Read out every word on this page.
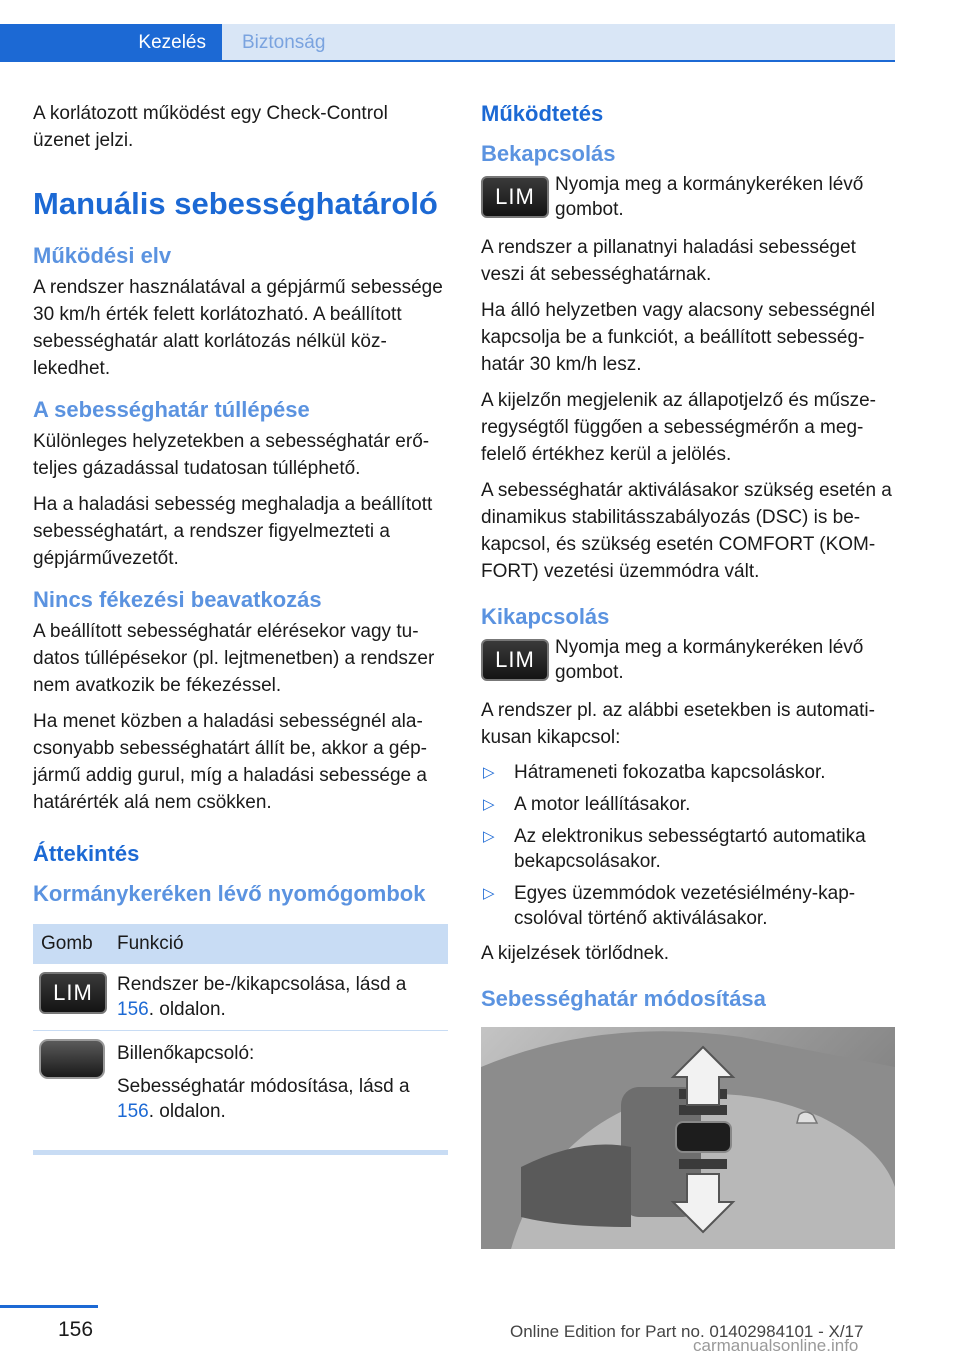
Kezelés	Biztonság

A korlátozott működést egy Check-Control üzenet jelzi.

Manuális sebességhatároló
Működési elv

A rendszer használatával a gépjármű sebessége 30 km/h érték felett korlátozható. A beállított sebességhatár alatt korlátozás nélkül közlekedhet.

A sebességhatár túllépése

Különleges helyzetekben a sebességhatár erőteljes gázadással tudatosan túlléphető.

Ha a haladási sebesség meghaladja a beállított sebességhatárt, a rendszer figyelmezteti a gépjárművezetőt.

Nincs fékezési beavatkozás

A beállított sebességhatár elérésekor vagy tudatos túllépésekor (pl. lejtmenetben) a rendszer nem avatkozik be fékezéssel.

Ha menet közben a haladási sebességnél alacsonyabb sebességhatárt állít be, akkor a gépjármű addig gurul, míg a haladási sebessége a határérték alá nem csökken.

Áttekintés
Kormánykeréken lévő nyomógombok
Gomb	Funkció
LIM	Rendszer be-/kikapcsolása, lásd a 156. oldalon.

Billenőkapcsoló:

Sebességhatár módosítása, lásd a 156. oldalon.

Működtetés
Bekapcsolás
LIM	Nyomja meg a kormánykeréken lévő gombot.

A rendszer a pillanatnyi haladási sebességet veszi át sebességhatárnak.

Ha álló helyzetben vagy alacsony sebességnél kapcsolja be a funkciót, a beállított sebességhatár 30 km/h lesz.

A kijelzőn megjelenik az állapotjelző és műszeregységtől függően a sebességmérőn a megfelelő értékhez kerül a jelölés.

A sebességhatár aktiválásakor szükség esetén a dinamikus stabilitásszabályozás (DSC) is bekapcsol, és szükség esetén COMFORT (KOMFORT) vezetési üzemmódra vált.

Kikapcsolás
LIM	Nyomja meg a kormánykeréken lévő gombot.

A rendszer pl. az alábbi esetekben is automatikusan kikapcsol:

▷ Hátrameneti fokozatba kapcsoláskor.
▷ A motor leállításakor.
▷ Az elektronikus sebességtartó automatika bekapcsolásakor.
▷ Egyes üzemmódok vezetésiélmény-kapcsolóval történő aktiválásakor.

A kijelzések törlődnek.

Sebességhatár módosítása
156	Online Edition for Part no. 01402984101 - X/17
carmanualsonline.info
